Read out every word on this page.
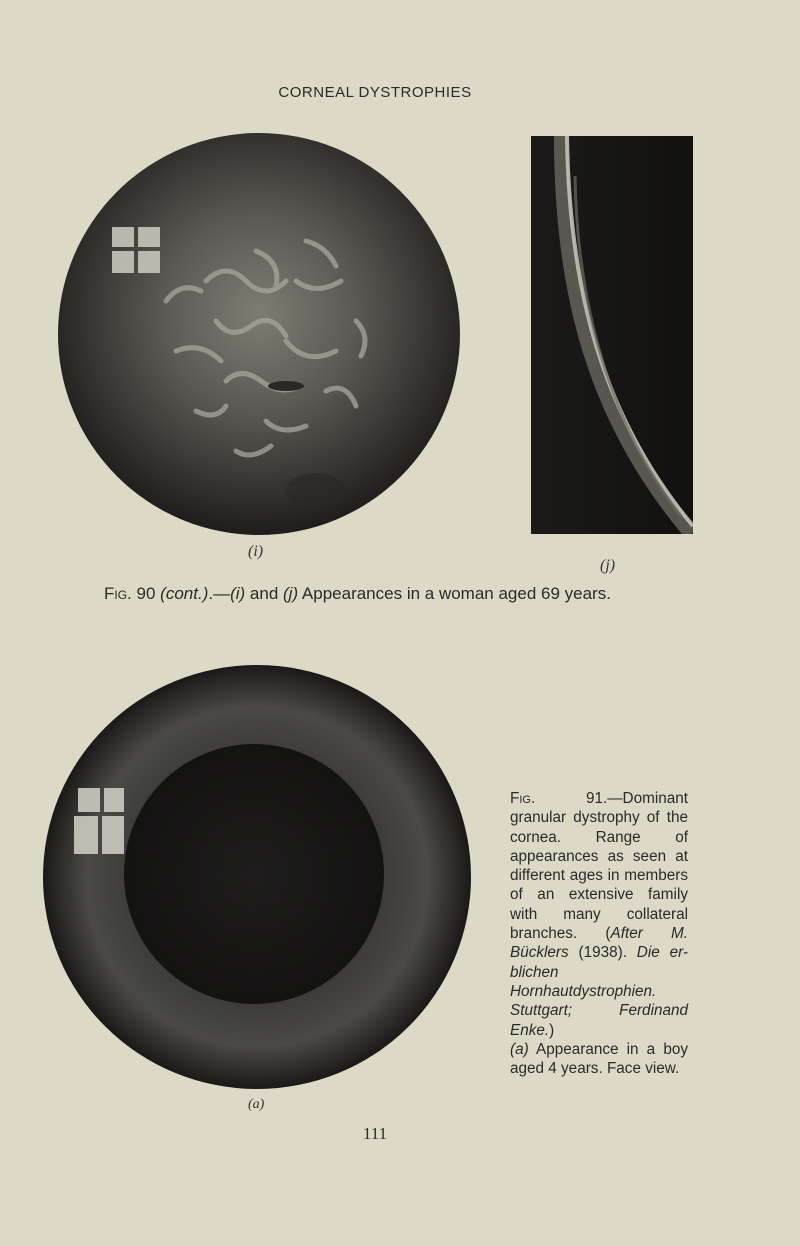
CORNEAL DYSTROPHIES
(i)
(j)
Fig. 90 (cont.).—(i) and (j) Appearances in a woman aged 69 years.
(a)

Fig.	91.—Dominant granular dystrophy of the cornea. Range of appearances as seen at different ages in members of an extensive family with many collateral branches. (After M. Bücklers (1938). Die er-blichen Hornhautdystrophien. Stuttgart; Ferdinand Enke.)

(a) Appearance in a boy aged 4 years. Face view.

111
